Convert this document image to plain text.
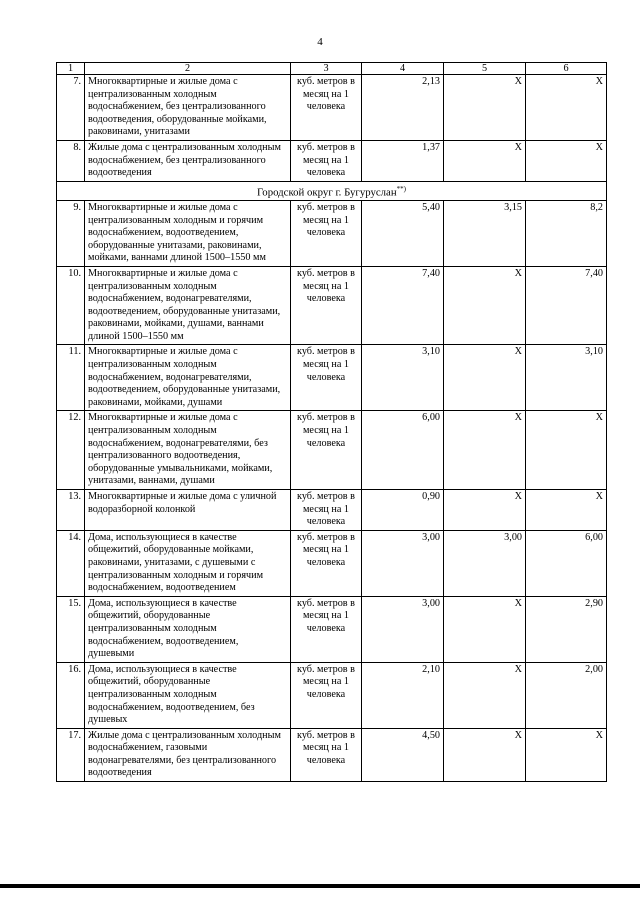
4
1	2	3	4	5	6
7.	Многоквартирные и жилые дома с централизованным холодным водоснабжением, без централизованного водоотведения, оборудованные мойками, раковинами, унитазами	куб. метров в месяц на 1 человека	2,13	X	X
8.	Жилые дома с централизованным холодным водоснабжением, без централизованного водоотведения	куб. метров в месяц на 1 человека	1,37	X	X
Городской округ г. Бугуруслан**)
9.	Многоквартирные и жилые дома с централизованным холодным и горячим водоснабжением, водоотведением, оборудованные унитазами, раковинами, мойками, ваннами длиной 1500–1550 мм	куб. метров в месяц на 1 человека	5,40	3,15	8,2
10.	Многоквартирные и жилые дома с централизованным холодным водоснабжением, водонагревателями, водоотведением, оборудованные унитазами, раковинами, мойками, душами, ваннами длиной 1500–1550 мм	куб. метров в месяц на 1 человека	7,40	X	7,40
11.	Многоквартирные и жилые дома с централизованным холодным водоснабжением, водонагревателями, водоотведением, оборудованные унитазами, раковинами, мойками, душами	куб. метров в месяц на 1 человека	3,10	X	3,10
12.	Многоквартирные и жилые дома с централизованным холодным водоснабжением, водонагревателями, без централизованного водоотведения, оборудованные умывальниками, мойками, унитазами, ваннами, душами	куб. метров в месяц на 1 человека	6,00	X	X
13.	Многоквартирные и жилые дома с уличной водоразборной колонкой	куб. метров в месяц на 1 человека	0,90	X	X
14.	Дома, использующиеся в качестве общежитий, оборудованные мойками, раковинами, унитазами, с душевыми с централизованным холодным и горячим водоснабжением, водоотведением	куб. метров в месяц на 1 человека	3,00	3,00	6,00
15.	Дома, использующиеся в качестве общежитий, оборудованные централизованным холодным водоснабжением, водоотведением, душевыми	куб. метров в месяц на 1 человека	3,00	X	2,90
16.	Дома, использующиеся в качестве общежитий, оборудованные централизованным холодным водоснабжением, водоотведением, без душевых	куб. метров в месяц на 1 человека	2,10	X	2,00
17.	Жилые дома с централизованным холодным водоснабжением, газовыми водонагревателями, без централизованного водоотведения	куб. метров в месяц на 1 человека	4,50	X	X
